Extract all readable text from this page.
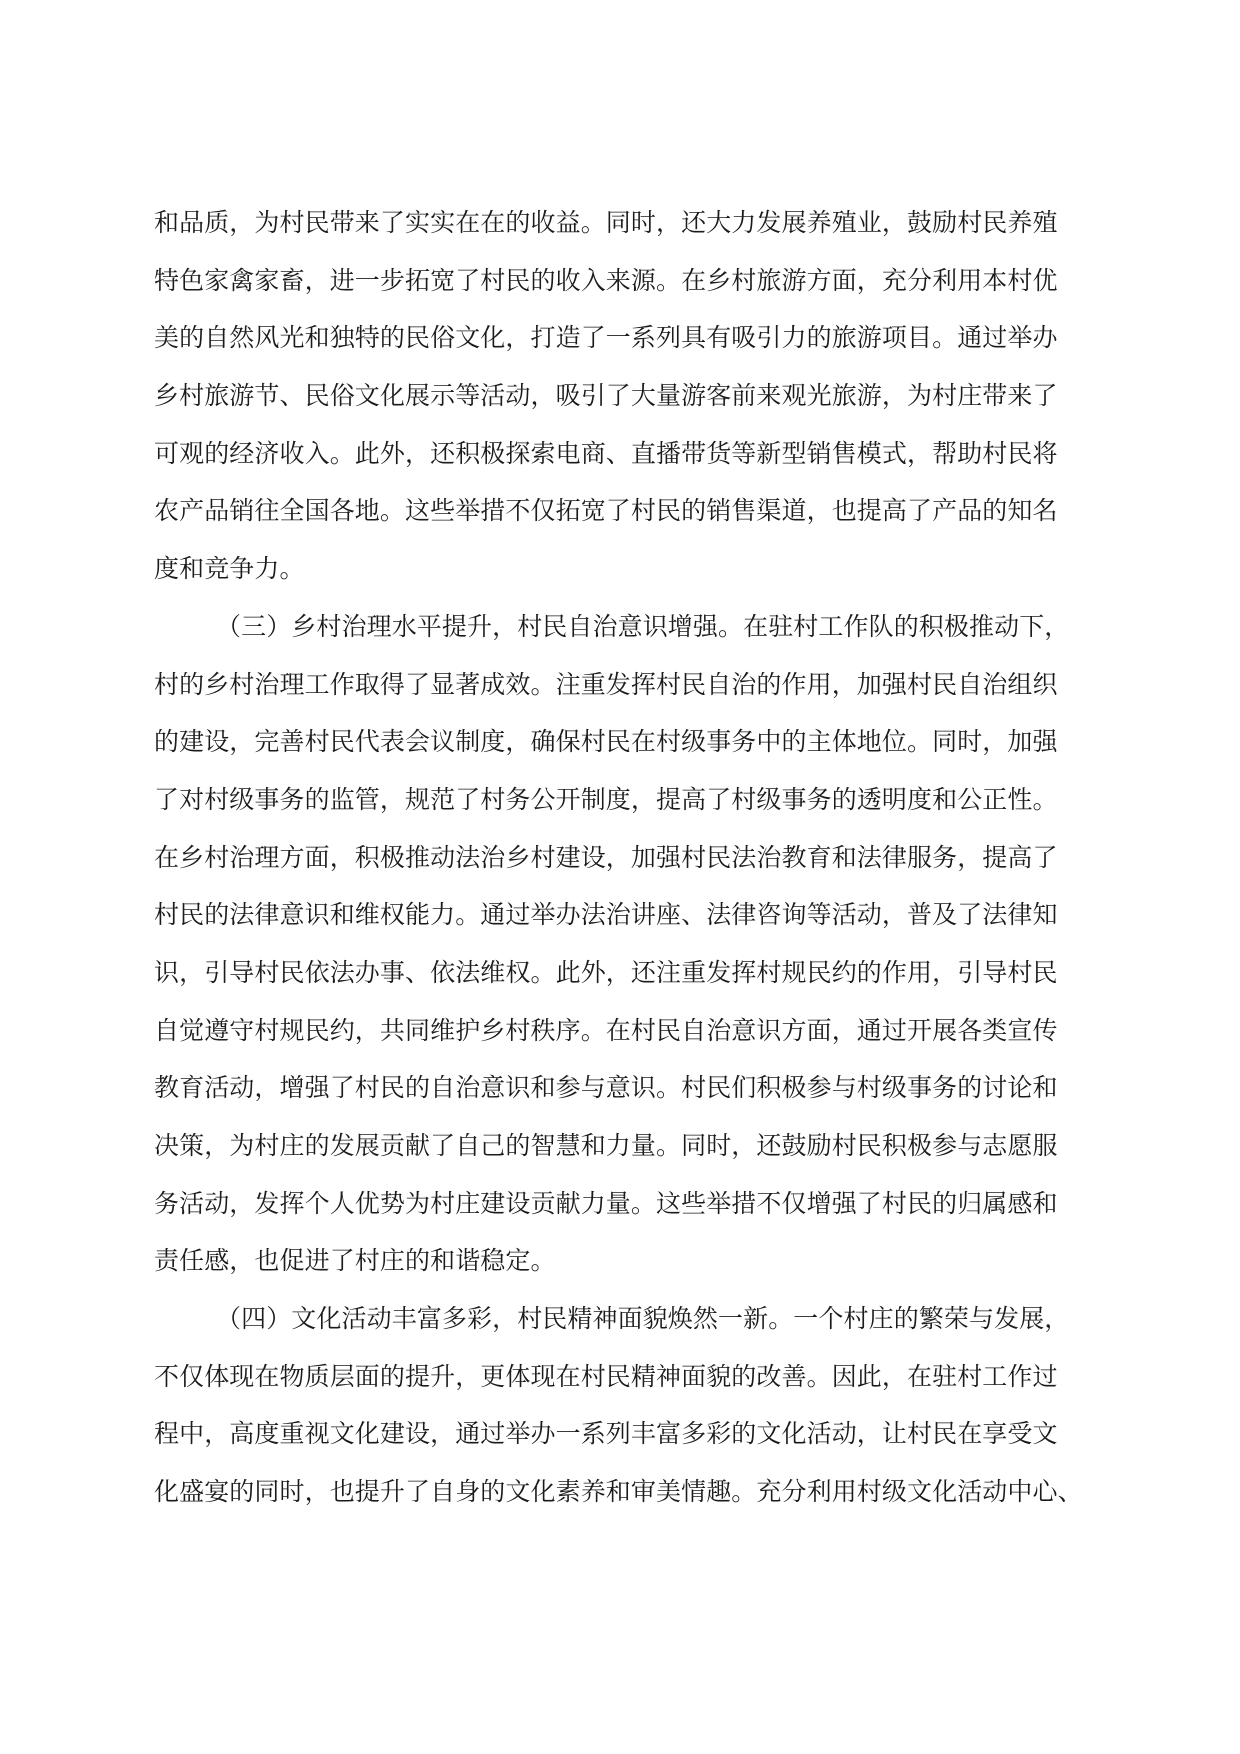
和品质，为村民带来了实实在在的收益。同时，还大力发展养殖业，鼓励村民养殖
特色家禽家畜，进一步拓宽了村民的收入来源。在乡村旅游方面，充分利用本村优
美的自然风光和独特的民俗文化，打造了一系列具有吸引力的旅游项目。通过举办
乡村旅游节、民俗文化展示等活动，吸引了大量游客前来观光旅游，为村庄带来了
可观的经济收入。此外，还积极探索电商、直播带货等新型销售模式，帮助村民将
农产品销往全国各地。这些举措不仅拓宽了村民的销售渠道，也提高了产品的知名
度和竞争力。
（三）乡村治理水平提升，村民自治意识增强。在驻村工作队的积极推动下，
村的乡村治理工作取得了显著成效。注重发挥村民自治的作用，加强村民自治组织
的建设，完善村民代表会议制度，确保村民在村级事务中的主体地位。同时，加强
了对村级事务的监管，规范了村务公开制度，提高了村级事务的透明度和公正性。
在乡村治理方面，积极推动法治乡村建设，加强村民法治教育和法律服务，提高了
村民的法律意识和维权能力。通过举办法治讲座、法律咨询等活动，普及了法律知
识，引导村民依法办事、依法维权。此外，还注重发挥村规民约的作用，引导村民
自觉遵守村规民约，共同维护乡村秩序。在村民自治意识方面，通过开展各类宣传
教育活动，增强了村民的自治意识和参与意识。村民们积极参与村级事务的讨论和
决策，为村庄的发展贡献了自己的智慧和力量。同时，还鼓励村民积极参与志愿服
务活动，发挥个人优势为村庄建设贡献力量。这些举措不仅增强了村民的归属感和
责任感，也促进了村庄的和谐稳定。
（四）文化活动丰富多彩，村民精神面貌焕然一新。一个村庄的繁荣与发展，
不仅体现在物质层面的提升，更体现在村民精神面貌的改善。因此，在驻村工作过
程中，高度重视文化建设，通过举办一系列丰富多彩的文化活动，让村民在享受文
化盛宴的同时，也提升了自身的文化素养和审美情趣。充分利用村级文化活动中心、
